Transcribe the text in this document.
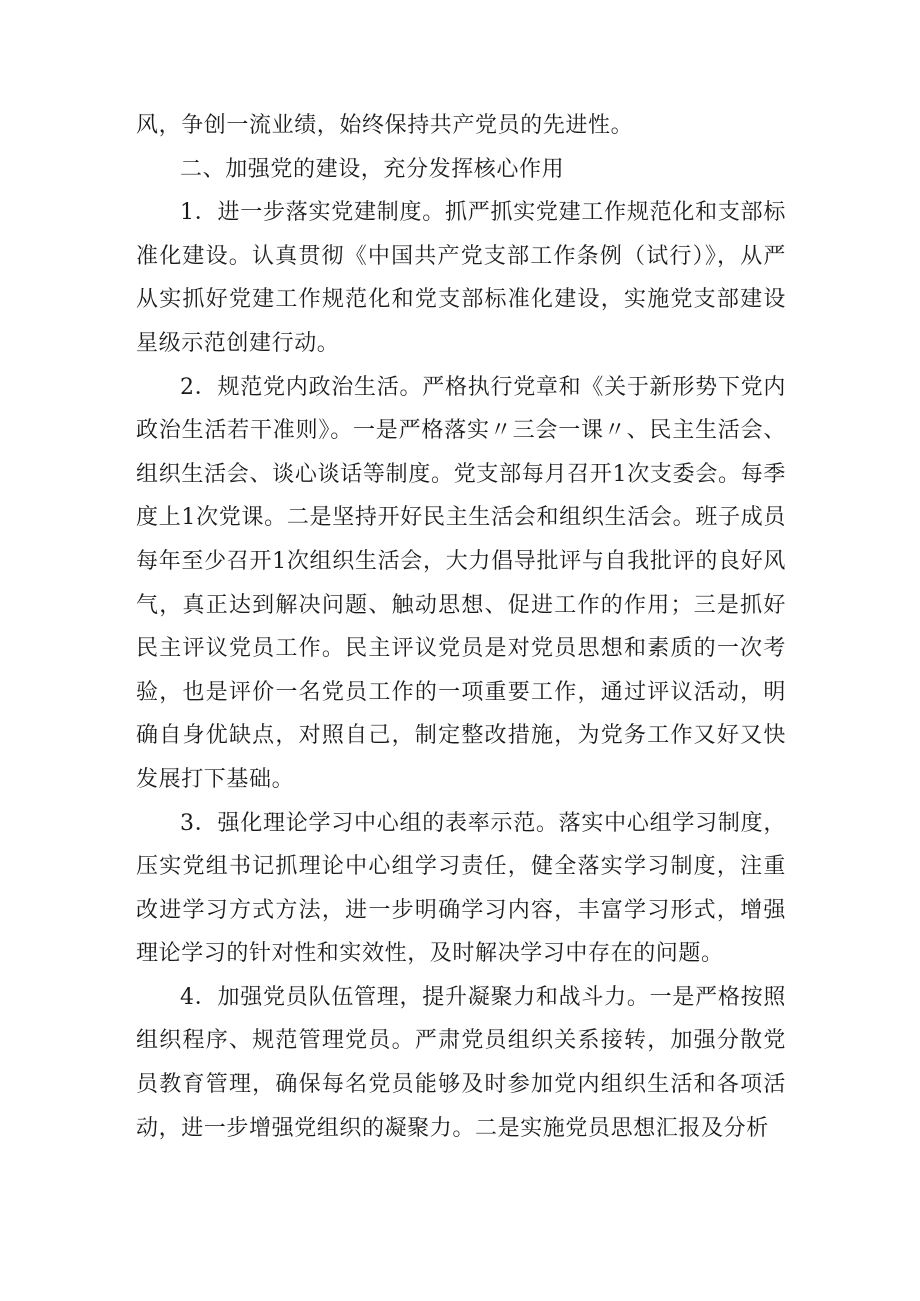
风，争创一流业绩，始终保持共产党员的先进性。

二、加强党的建设，充分发挥核心作用

1．进一步落实党建制度。抓严抓实党建工作规范化和支部标准化建设。认真贯彻《中国共产党支部工作条例（试行）》，从严从实抓好党建工作规范化和党支部标准化建设，实施党支部建设星级示范创建行动。

2．规范党内政治生活。严格执行党章和《关于新形势下党内政治生活若干准则》。一是严格落实〃三会一课〃、民主生活会、组织生活会、谈心谈话等制度。党支部每月召开1次支委会。每季度上1次党课。二是坚持开好民主生活会和组织生活会。班子成员每年至少召开1次组织生活会，大力倡导批评与自我批评的良好风气，真正达到解决问题、触动思想、促进工作的作用；三是抓好民主评议党员工作。民主评议党员是对党员思想和素质的一次考验，也是评价一名党员工作的一项重要工作，通过评议活动，明确自身优缺点，对照自己，制定整改措施，为党务工作又好又快发展打下基础。

3．强化理论学习中心组的表率示范。落实中心组学习制度，压实党组书记抓理论中心组学习责任，健全落实学习制度，注重改进学习方式方法，进一步明确学习内容，丰富学习形式，增强理论学习的针对性和实效性，及时解决学习中存在的问题。

4．加强党员队伍管理，提升凝聚力和战斗力。一是严格按照组织程序、规范管理党员。严肃党员组织关系接转，加强分散党员教育管理，确保每名党员能够及时参加党内组织生活和各项活动，进一步增强党组织的凝聚力。二是实施党员思想汇报及分析
